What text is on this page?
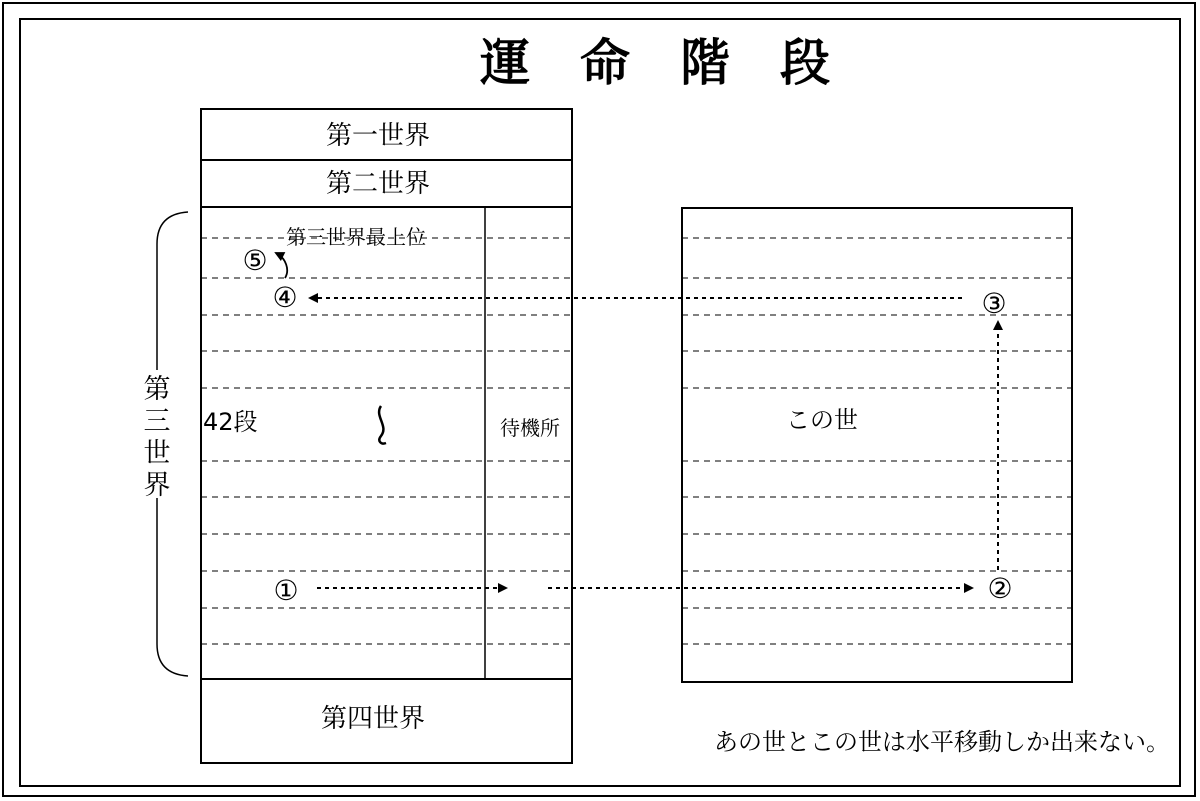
運　命　階　段
第一世界
第二世界
第三世界最上位
42段	待機所
第四世界
第
三
世
界
この世
①	②
③
④
⑤
あの世とこの世は水平移動しか出来ない。
